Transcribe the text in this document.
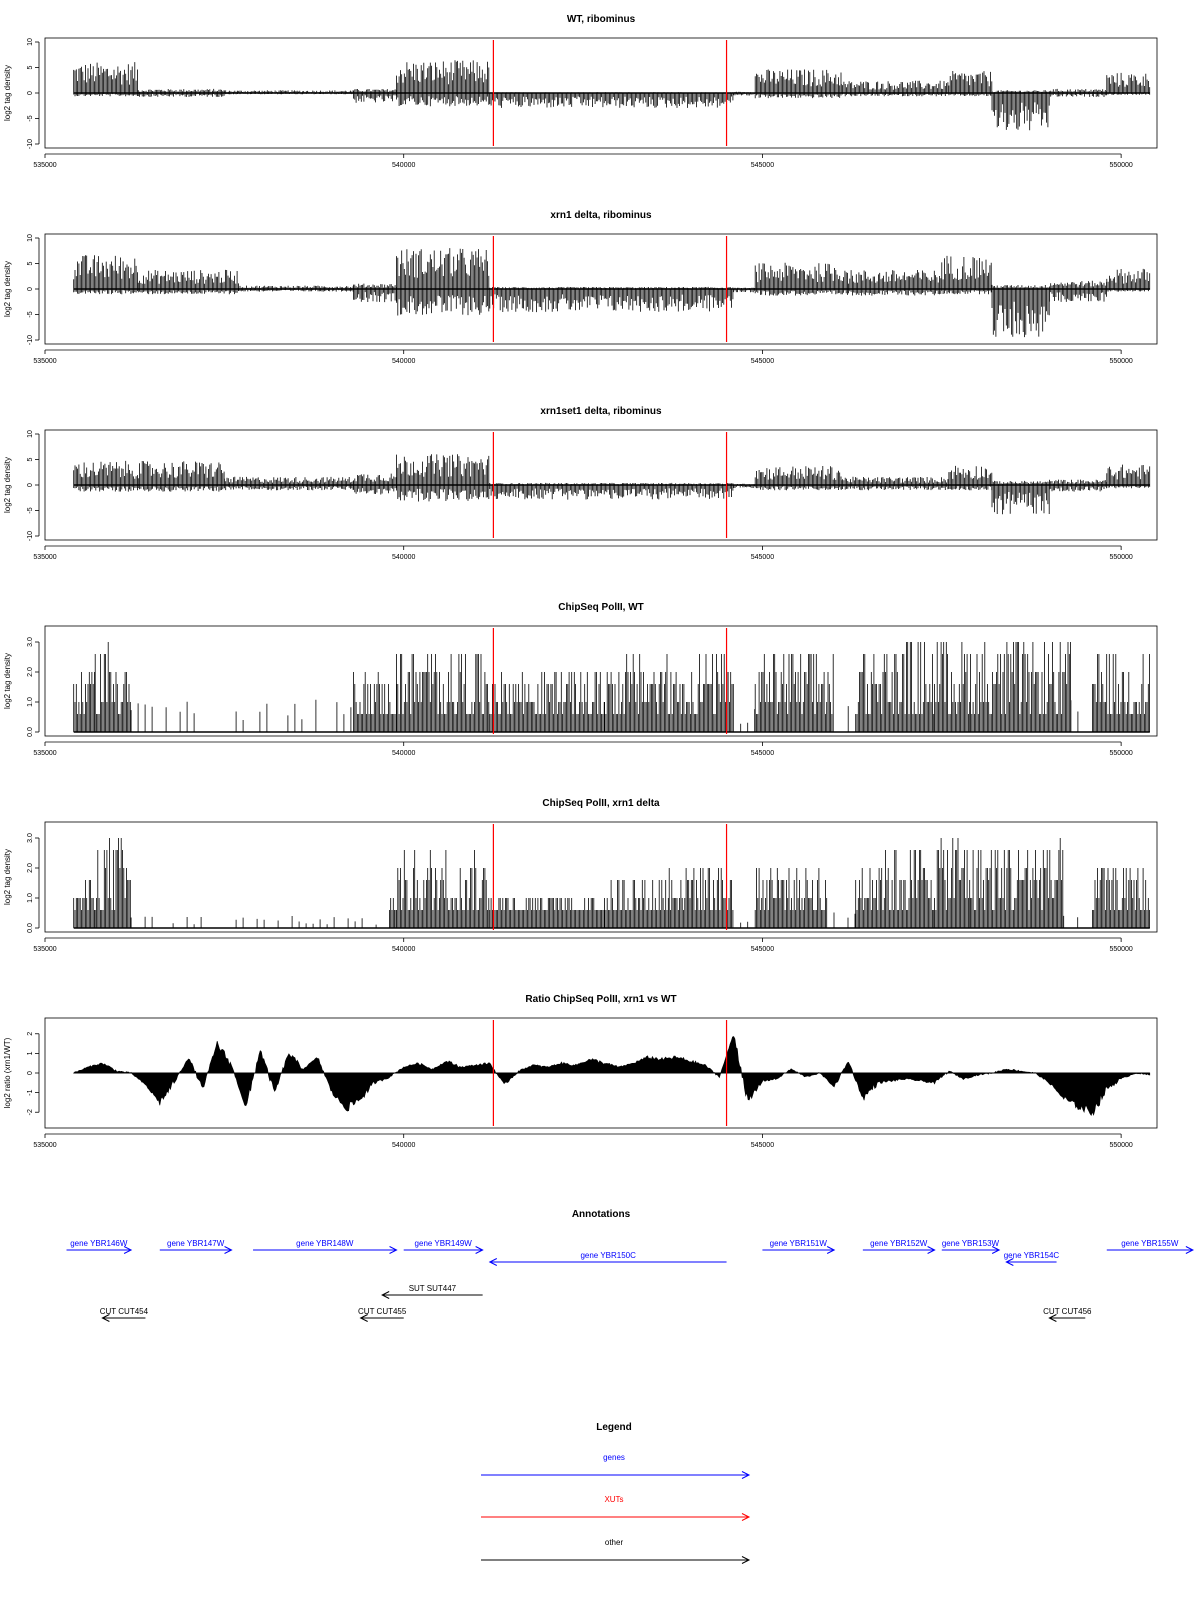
WT, ribominus
log2 tag density
10
5
0
-5
-10
535000	540000	545000	550000
xrn1 delta, ribominus
log2 tag density
10
5
0
-5
-10
535000	540000	545000	550000
xrn1set1 delta, ribominus
log2 tag density
10
5
0
-5
-10
535000	540000	545000	550000
ChipSeq PolII, WT
log2 tag density
0.0
1.0
2.0
3.0
535000	540000	545000	550000
ChipSeq PolII, xrn1 delta
log2 tag density
0.0
1.0
2.0
3.0
535000	540000	545000	550000
Ratio ChipSeq PolII, xrn1 vs WT
log2 ratio (xrn1/WT)
2
1
0
-1
-2
535000	540000	545000	550000
Annotations
gene YBR146W	gene YBR147W	gene YBR148W	gene YBR149W
gene YBR150C
gene YBR151W	gene YBR152W gene YBR153W
gene YBR154C
gene YBR155W
SUT SUT447
CUT CUT454	CUT CUT455	CUT CUT456
Legend
genes
XUTs
other
